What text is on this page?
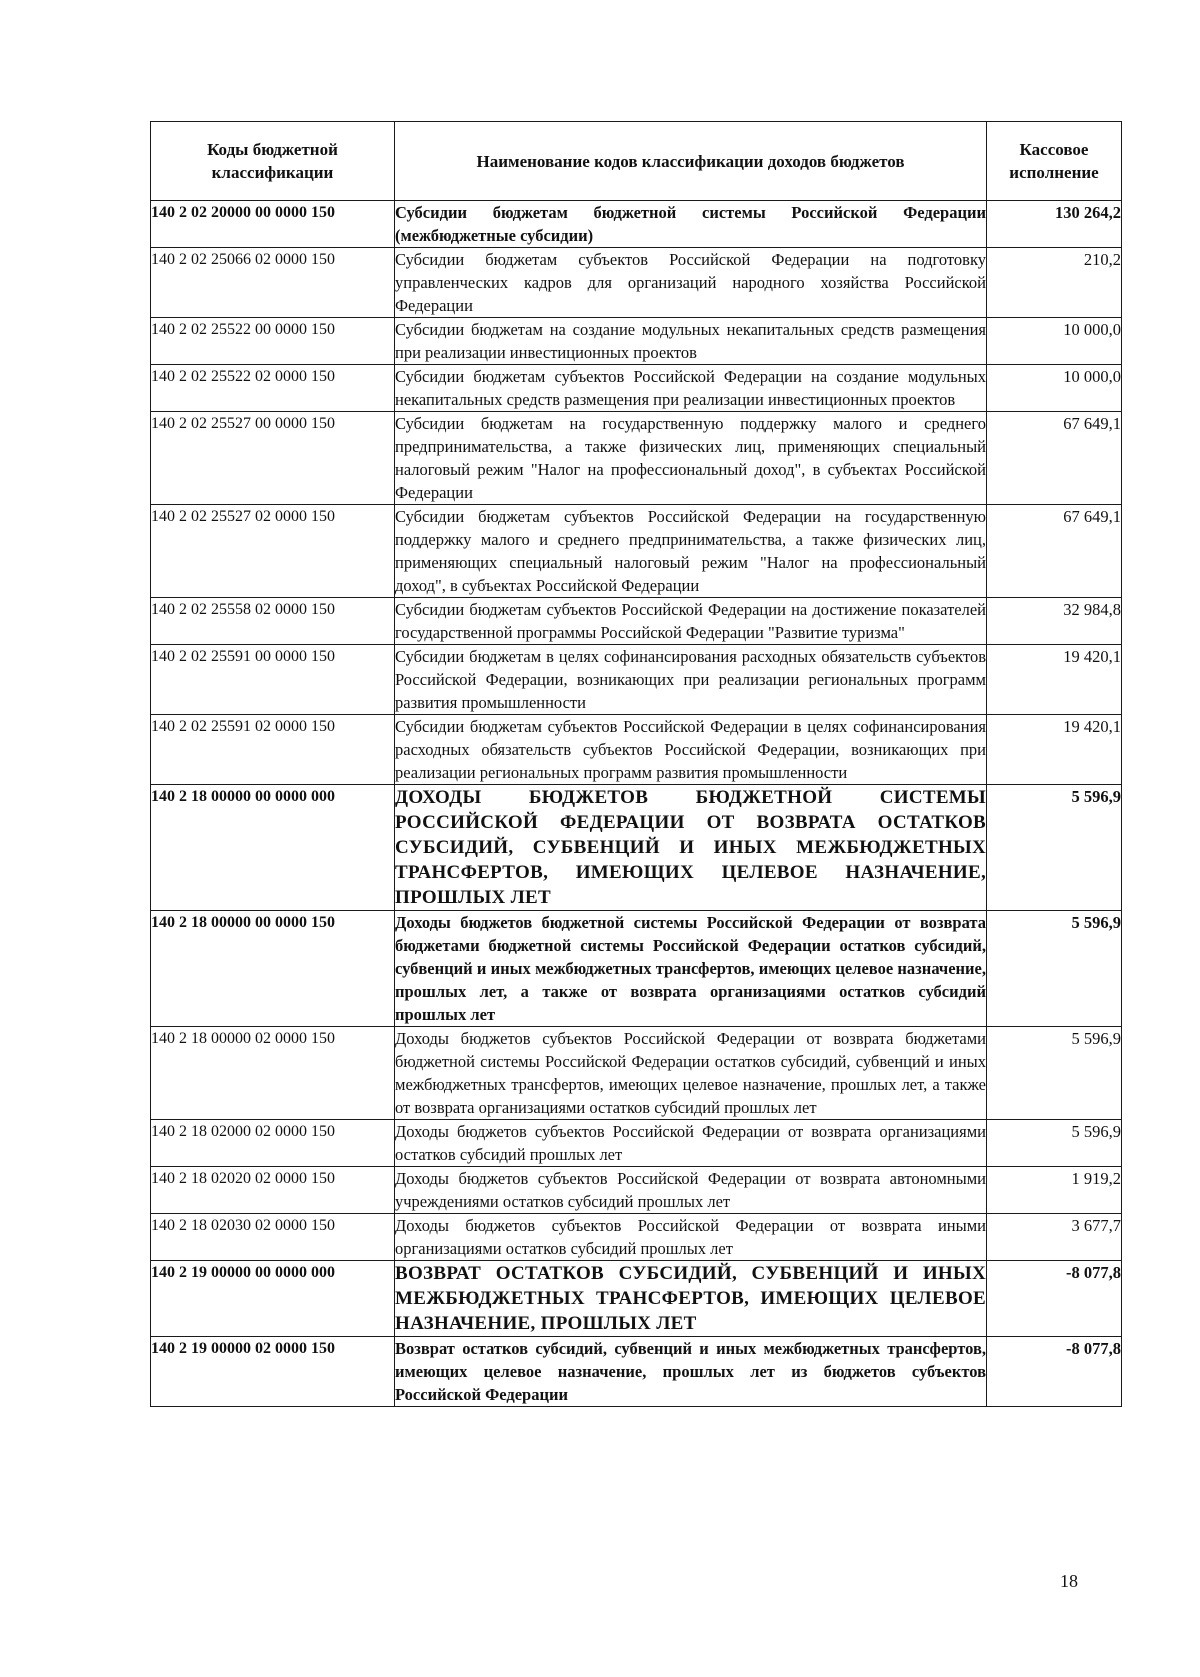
Коды бюджетной классификации	Наименование кодов классификации доходов бюджетов	Кассовое исполнение
140 2 02 20000 00 0000 150	Субсидии бюджетам бюджетной системы Российской Федерации (межбюджетные субсидии)	130 264,2
140 2 02 25066 02 0000 150	Субсидии бюджетам субъектов Российской Федерации на подготовку управленческих кадров для организаций народного хозяйства Российской Федерации	210,2
140 2 02 25522 00 0000 150	Субсидии бюджетам на создание модульных некапитальных средств размещения при реализации инвестиционных проектов	10 000,0
140 2 02 25522 02 0000 150	Субсидии бюджетам субъектов Российской Федерации на создание модульных некапитальных средств размещения при реализации инвестиционных проектов	10 000,0
140 2 02 25527 00 0000 150	Субсидии бюджетам на государственную поддержку малого и среднего предпринимательства, а также физических лиц, применяющих специальный налоговый режим "Налог на профессиональный доход", в субъектах Российской Федерации	67 649,1
140 2 02 25527 02 0000 150	Субсидии бюджетам субъектов Российской Федерации на государственную поддержку малого и среднего предпринимательства, а также физических лиц, применяющих специальный налоговый режим "Налог на профессиональный доход", в субъектах Российской Федерации	67 649,1
140 2 02 25558 02 0000 150	Субсидии бюджетам субъектов Российской Федерации на достижение показателей государственной программы Российской Федерации "Развитие туризма"	32 984,8
140 2 02 25591 00 0000 150	Субсидии бюджетам в целях софинансирования расходных обязательств субъектов Российской Федерации, возникающих при реализации региональных программ развития промышленности	19 420,1
140 2 02 25591 02 0000 150	Субсидии бюджетам субъектов Российской Федерации в целях софинансирования расходных обязательств субъектов Российской Федерации, возникающих при реализации региональных программ развития промышленности	19 420,1
140 2 18 00000 00 0000 000	ДОХОДЫ БЮДЖЕТОВ БЮДЖЕТНОЙ СИСТЕМЫ РОССИЙСКОЙ ФЕДЕРАЦИИ ОТ ВОЗВРАТА ОСТАТКОВ СУБСИДИЙ, СУБВЕНЦИЙ И ИНЫХ МЕЖБЮДЖЕТНЫХ ТРАНСФЕРТОВ, ИМЕЮЩИХ ЦЕЛЕВОЕ НАЗНАЧЕНИЕ, ПРОШЛЫХ ЛЕТ	5 596,9
140 2 18 00000 00 0000 150	Доходы бюджетов бюджетной системы Российской Федерации от возврата бюджетами бюджетной системы Российской Федерации остатков субсидий, субвенций и иных межбюджетных трансфертов, имеющих целевое назначение, прошлых лет, а также от возврата организациями остатков субсидий прошлых лет	5 596,9
140 2 18 00000 02 0000 150	Доходы бюджетов субъектов Российской Федерации от возврата бюджетами бюджетной системы Российской Федерации остатков субсидий, субвенций и иных межбюджетных трансфертов, имеющих целевое назначение, прошлых лет, а также от возврата организациями остатков субсидий прошлых лет	5 596,9
140 2 18 02000 02 0000 150	Доходы бюджетов субъектов Российской Федерации от возврата организациями остатков субсидий прошлых лет	5 596,9
140 2 18 02020 02 0000 150	Доходы бюджетов субъектов Российской Федерации от возврата автономными учреждениями остатков субсидий прошлых лет	1 919,2
140 2 18 02030 02 0000 150	Доходы бюджетов субъектов Российской Федерации от возврата иными организациями остатков субсидий прошлых лет	3 677,7
140 2 19 00000 00 0000 000	ВОЗВРАТ ОСТАТКОВ СУБСИДИЙ, СУБВЕНЦИЙ И ИНЫХ МЕЖБЮДЖЕТНЫХ ТРАНСФЕРТОВ, ИМЕЮЩИХ ЦЕЛЕВОЕ НАЗНАЧЕНИЕ, ПРОШЛЫХ ЛЕТ	-8 077,8
140 2 19 00000 02 0000 150	Возврат остатков субсидий, субвенций и иных межбюджетных трансфертов, имеющих целевое назначение, прошлых лет из бюджетов субъектов Российской Федерации	-8 077,8
18
